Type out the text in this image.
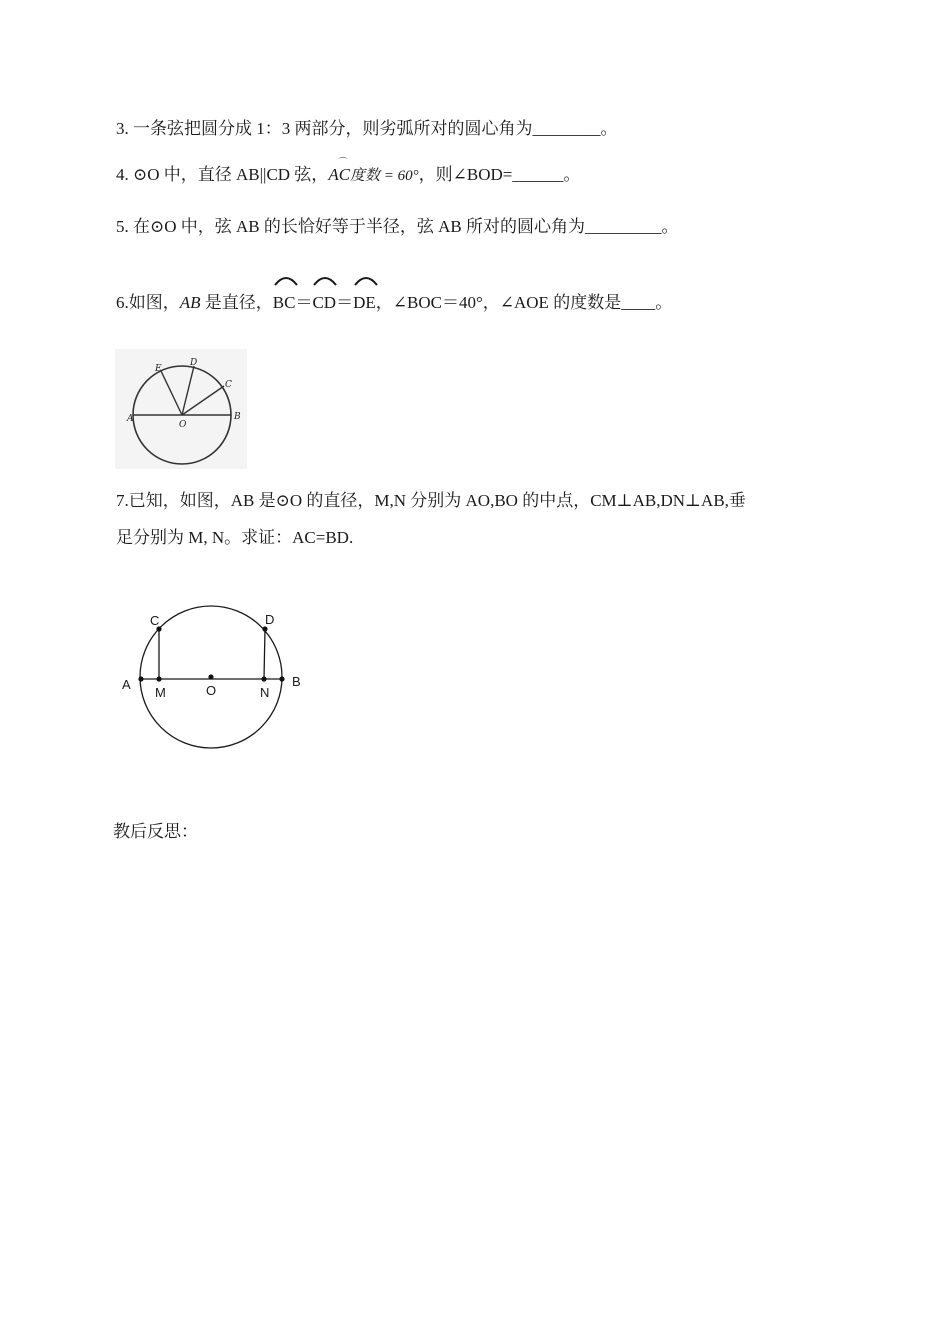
3. 一条弦把圆分成 1：3 两部分，则劣弧所对的圆心角为________。
4. ⊙O 中，直径 AB||CD 弦，
⌒
AC度数 = 60°，则∠BOD=______。
5. 在⊙O 中，弦 AB 的长恰好等于半径，弦 AB 所对的圆心角为_________。
6.如图，AB 是直径，
BC＝
CD＝
DE，∠BOC＝40°，∠AOE 的度数是____。
A	B
C
D
E
O
7.已知，如图，AB 是⊙O 的直径，M,N 分别为 AO,BO 的中点，CM⊥AB,DN⊥AB,垂
足分别为 M, N。求证：AC=BD.
A	B
C	D
M	N
O
教后反思：
